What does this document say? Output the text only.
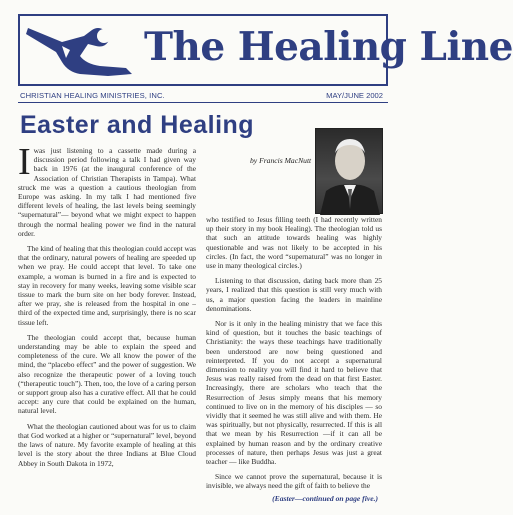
The Healing Line
CHRISTIAN HEALING MINISTRIES, INC.	MAY/JUNE 2002
Easter and Healing
by Francis MacNutt

Iwas just listening to a cassette made during a discussion period following a talk I had given way back in 1976 (at the inaugural conference of the Association of Christian Therapists in Tampa). What struck me was a question a cautious theologian from Europe was asking. In my talk I had mentioned five different levels of healing, the last levels being seemingly “supernatural”— beyond what we might expect to happen through the normal healing power we find in the natural order.

The kind of healing that this theologian could accept was that the ordinary, natural powers of healing are speeded up when we pray. He could accept that level. To take one example, a woman is burned in a fire and is expected to stay in recovery for many weeks, leaving some visible scar tissue to mark the burn site on her body forever. Instead, after we pray, she is released from the hospital in one – third of the expected time and, surprisingly, there is no scar tissue left.

The theologian could accept that, because human understanding may be able to explain the speed and completeness of the cure. We all know the power of the mind, the “placebo effect” and the power of suggestion. We also recognize the therapeutic power of a loving touch (“therapeutic touch”). Then, too, the love of a caring person or support group also has a curative effect. All that he could accept: any cure that could be explained on the human, natural level.

What the theologian cautioned about was for us to claim that God worked at a higher or “supernatural” level, beyond the laws of nature. My favorite example of healing at this level is the story about the three Indians at Blue Cloud Abbey in South Dakota in 1972,

who testified to Jesus filling teeth (I had recently written up their story in my book Healing). The theologian told us that such an attitude towards healing was highly questionable and was not likely to be accepted in his circles. (In fact, the word “supernatural” was no longer in use in many theological circles.)

Listening to that discussion, dating back more than 25 years, I realized that this question is still very much with us, a major question facing the leaders in mainline denominations.

Nor is it only in the healing ministry that we face this kind of question, but it touches the basic teachings of Christianity: the ways these teachings have traditionally been understood are now being questioned and reinterpreted. If you do not accept a supernatural dimension to reality you will find it hard to believe that Jesus was really raised from the dead on that first Easter. Increasingly, there are scholars who teach that the Resurrection of Jesus simply means that his memory continued to live on in the memory of his disciples — so vividly that it seemed he was still alive and with them. He was spiritually, but not physically, resurrected. If this is all that we mean by his Resurrection —if it can all be explained by human reason and by the ordinary creative processes of nature, then perhaps Jesus was just a great teacher — like Buddha.

Since we cannot prove the supernatural, because it is invisible, we always need the gift of faith to believe the

(Easter—continued on page five.)
